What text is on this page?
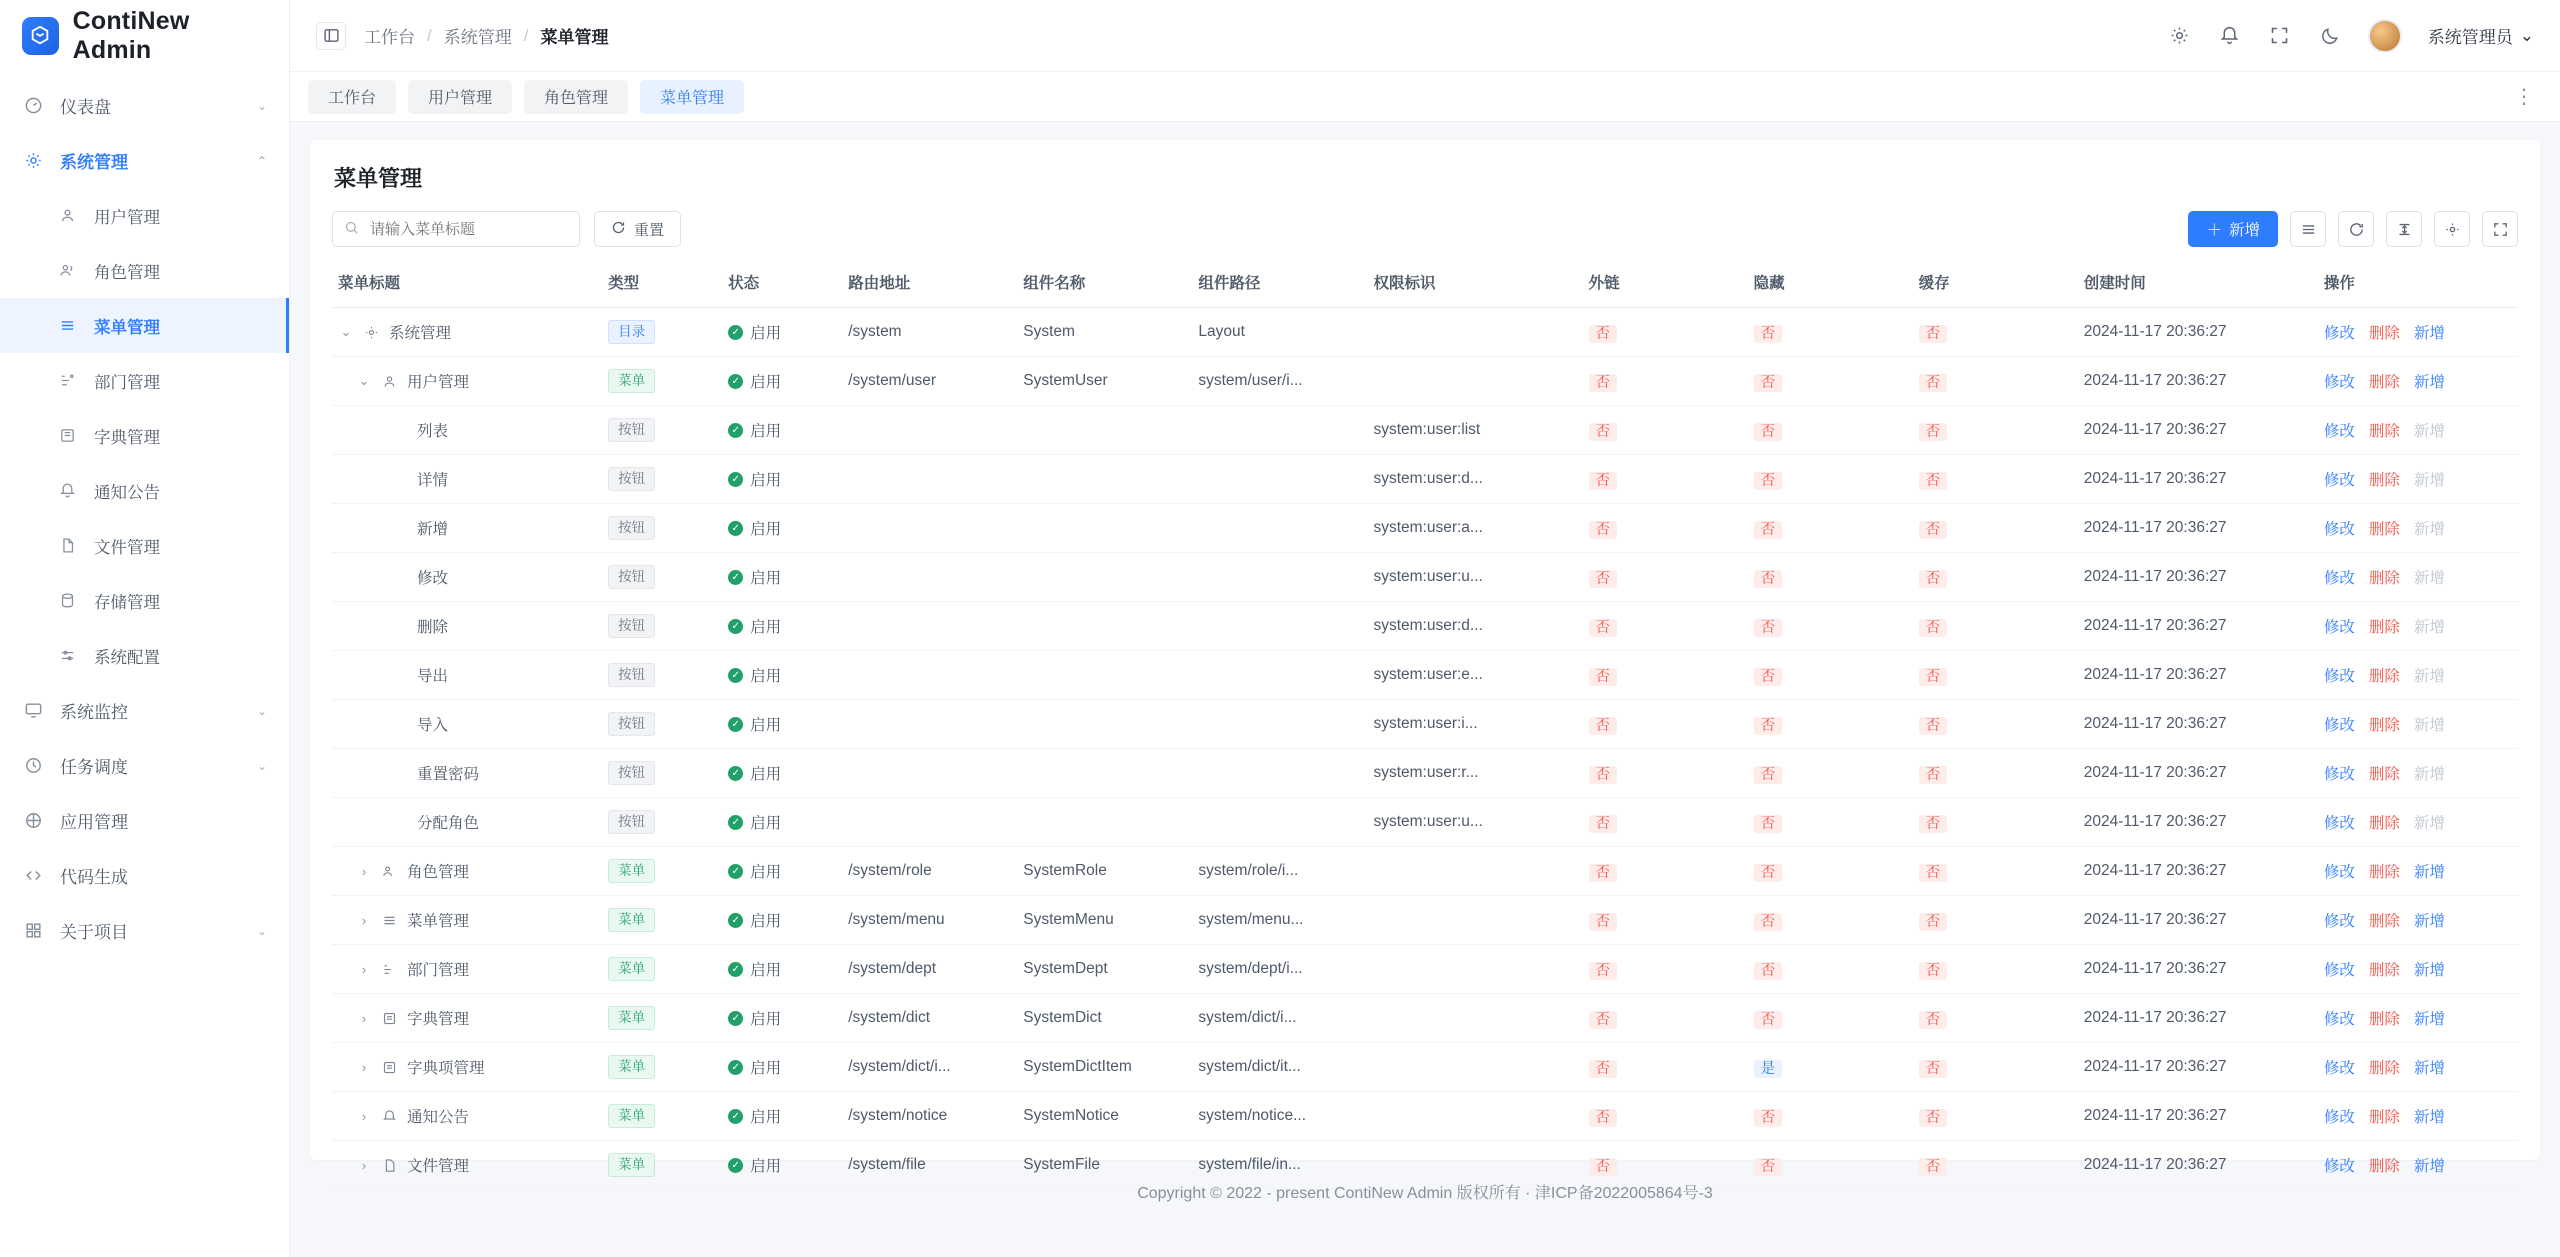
ContiNew Admin
仪表盘	⌄
系统管理	⌃
用户管理
角色管理
菜单管理
部门管理
字典管理
通知公告
文件管理
存储管理
系统配置
系统监控	⌄
任务调度	⌄
应用管理
代码生成
关于项目	⌄
工作台 / 系统管理 / 菜单管理	系统管理员 ⌄
工作台	用户管理	角色管理	菜单管理	⋮
菜单管理
请输入菜单标题
重置	＋ 新增
菜单标题	类型	状态	路由地址	组件名称	组件路径	权限标识	外链	隐藏	缓存	创建时间	操作

⌄ 系统管理	目录	✓ 启用	/system	System	Layout		否	否	否	2024-11-17 20:36:27	修改 删除 新增

⌄ 用户管理	菜单	✓ 启用	/system/user	SystemUser	system/user/i...		否	否	否	2024-11-17 20:36:27	修改 删除 新增

列表	按钮	✓ 启用				system:user:list	否	否	否	2024-11-17 20:36:27	修改 删除 新增

详情	按钮	✓ 启用				system:user:d...	否	否	否	2024-11-17 20:36:27	修改 删除 新增

新增	按钮	✓ 启用				system:user:a...	否	否	否	2024-11-17 20:36:27	修改 删除 新增

修改	按钮	✓ 启用				system:user:u...	否	否	否	2024-11-17 20:36:27	修改 删除 新增

删除	按钮	✓ 启用				system:user:d...	否	否	否	2024-11-17 20:36:27	修改 删除 新增

导出	按钮	✓ 启用				system:user:e...	否	否	否	2024-11-17 20:36:27	修改 删除 新增

导入	按钮	✓ 启用				system:user:i...	否	否	否	2024-11-17 20:36:27	修改 删除 新增

重置密码	按钮	✓ 启用				system:user:r...	否	否	否	2024-11-17 20:36:27	修改 删除 新增

分配角色	按钮	✓ 启用				system:user:u...	否	否	否	2024-11-17 20:36:27	修改 删除 新增

› 角色管理	菜单	✓ 启用	/system/role	SystemRole	system/role/i...		否	否	否	2024-11-17 20:36:27	修改 删除 新增

› 菜单管理	菜单	✓ 启用	/system/menu	SystemMenu	system/menu...		否	否	否	2024-11-17 20:36:27	修改 删除 新增

› 部门管理	菜单	✓ 启用	/system/dept	SystemDept	system/dept/i...		否	否	否	2024-11-17 20:36:27	修改 删除 新增

› 字典管理	菜单	✓ 启用	/system/dict	SystemDict	system/dict/i...		否	否	否	2024-11-17 20:36:27	修改 删除 新增

› 字典项管理	菜单	✓ 启用	/system/dict/i...	SystemDictItem	system/dict/it...		否	是	否	2024-11-17 20:36:27	修改 删除 新增

› 通知公告	菜单	✓ 启用	/system/notice	SystemNotice	system/notice...		否	否	否	2024-11-17 20:36:27	修改 删除 新增

› 文件管理	菜单	✓ 启用	/system/file	SystemFile	system/file/in...		否	否	否	2024-11-17 20:36:27	修改 删除 新增
Copyright © 2022 - present ContiNew Admin 版权所有 · 津ICP备2022005864号-3
